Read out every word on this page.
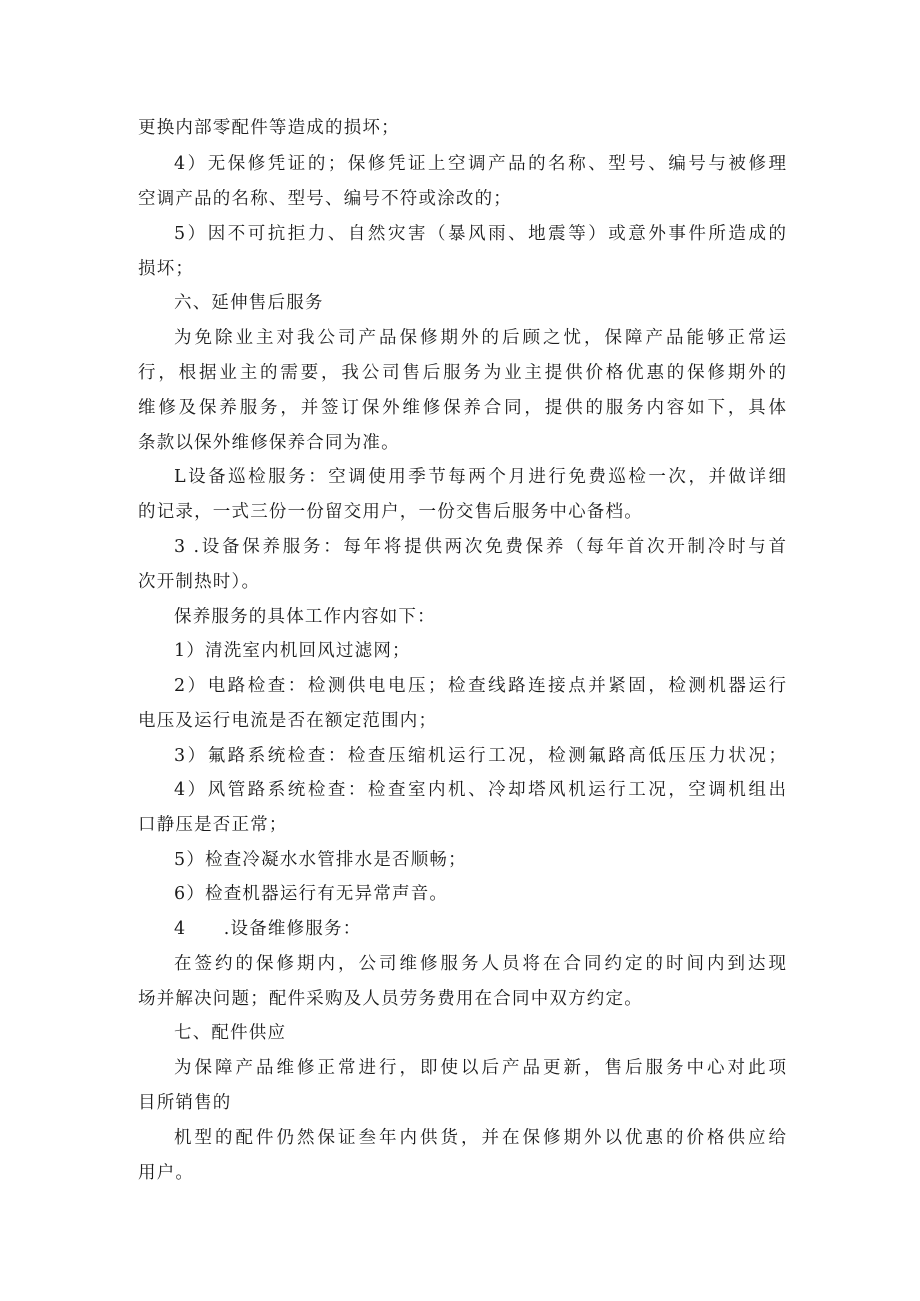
更换内部零配件等造成的损坏；
4）无保修凭证的；保修凭证上空调产品的名称、型号、编号与被修理
空调产品的名称、型号、编号不符或涂改的；
5）因不可抗拒力、自然灾害（暴风雨、地震等）或意外事件所造成的
损坏；
六、延伸售后服务
为免除业主对我公司产品保修期外的后顾之忧，保障产品能够正常运
行，根据业主的需要，我公司售后服务为业主提供价格优惠的保修期外的
维修及保养服务，并签订保外维修保养合同，提供的服务内容如下，具体
条款以保外维修保养合同为准。
L设备巡检服务：空调使用季节每两个月进行免费巡检一次，并做详细
的记录，一式三份一份留交用户，一份交售后服务中心备档。
3 .设备保养服务：每年将提供两次免费保养（每年首次开制冷时与首
次开制热时）。
保养服务的具体工作内容如下：
1）清洗室内机回风过滤网；
2）电路检查：检测供电电压；检查线路连接点并紧固，检测机器运行
电压及运行电流是否在额定范围内；
3）氟路系统检查：检查压缩机运行工况，检测氟路高低压压力状况；
4）风管路系统检查：检查室内机、冷却塔风机运行工况，空调机组出
口静压是否正常；
5）检查冷凝水水管排水是否顺畅；
6）检查机器运行有无异常声音。
4　　.设备维修服务：
在签约的保修期内，公司维修服务人员将在合同约定的时间内到达现
场并解决问题；配件采购及人员劳务费用在合同中双方约定。
七、配件供应
为保障产品维修正常进行，即使以后产品更新，售后服务中心对此项
目所销售的
机型的配件仍然保证叁年内供货，并在保修期外以优惠的价格供应给
用户。
